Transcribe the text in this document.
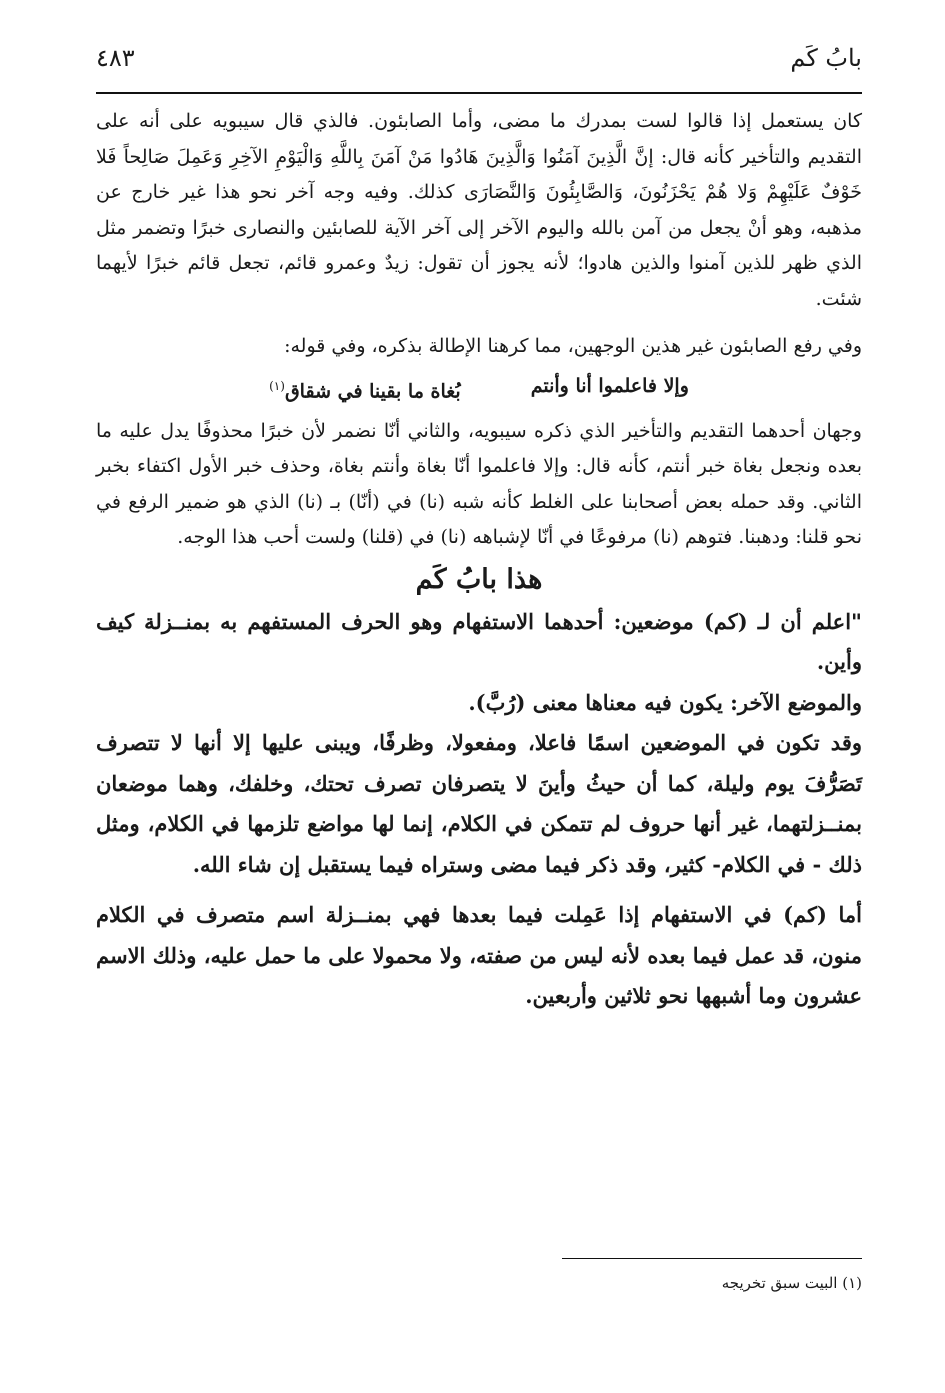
بابُ كَم
٤٨٣

كان يستعمل إذا قالوا لست بمدرك ما مضى، وأما الصابئون. فالذي قال سيبويه على أنه على التقديم والتأخير كأنه قال: إنَّ الَّذِينَ آمَنُوا وَالَّذِينَ هَادُوا مَنْ آمَنَ بِاللَّهِ وَالْيَوْمِ الآخِرِ وَعَمِلَ صَالِحاً فَلا خَوْفٌ عَلَيْهِمْ وَلا هُمْ يَحْزَنُونَ، وَالصَّابِئُونَ وَالنَّصَارَى كذلك. وفيه وجه آخر نحو هذا غير خارج عن مذهبه، وهو أنْ يجعل من آمن بالله واليوم الآخر إلى آخر الآية للصابئين والنصارى خبرًا وتضمر مثل الذي ظهر للذين آمنوا والذين هادوا؛ لأنه يجوز أن تقول: زيدٌ وعمرو قائم، تجعل قائم خبرًا لأيهما شئت.

وفي رفع الصابئون غير هذين الوجهين، مما كرهنا الإطالة بذكره، وفي قوله:

وإلا فاعلموا أنا وأنتم
بُغاة ما بقينا في شقاق$^{(١)}$

وجهان أحدهما التقديم والتأخير الذي ذكره سيبويه، والثاني أنّا نضمر لأن خبرًا محذوفًا يدل عليه ما بعده ونجعل بغاة خبر أنتم، كأنه قال: وإلا فاعلموا أنّا بغاة وأنتم بغاة، وحذف خبر الأول اكتفاء بخبر الثاني. وقد حمله بعض أصحابنا على الغلط كأنه شبه (نا) في (أنّا) بـ (نا) الذي هو ضمير الرفع في نحو قلنا: ودهبنا. فتوهم (نا) مرفوعًا في أنّا لإشباهه (نا) في (قلنا) ولست أحب هذا الوجه.

هذا بابُ كَم

"اعلم أن لـ (كم) موضعين: أحدهما الاستفهام وهو الحرف المستفهم به بمنــزلة كيف وأين.

والموضع الآخر: يكون فيه معناها معنى (رُبَّ).

وقد تكون في الموضعين اسمًا فاعلا، ومفعولا، وظرفًا، ويبنى عليها إلا أنها لا تتصرف تَصَرُّفَ يوم وليلة، كما أن حيثُ وأينَ لا يتصرفان تصرف تحتك، وخلفك، وهما موضعان بمنــزلتهما، غير أنها حروف لم تتمكن في الكلام، إنما لها مواضع تلزمها في الكلام، ومثل ذلك - في الكلام- كثير، وقد ذكر فيما مضى وستراه فيما يستقبل إن شاء الله.

أما (كم) في الاستفهام إذا عَمِلت فيما بعدها فهي بمنــزلة اسم متصرف في الكلام منون، قد عمل فيما بعده لأنه ليس من صفته، ولا محمولا على ما حمل عليه، وذلك الاسم عشرون وما أشبهها نحو ثلاثين وأربعين.

(١) البيت سبق تخريجه
